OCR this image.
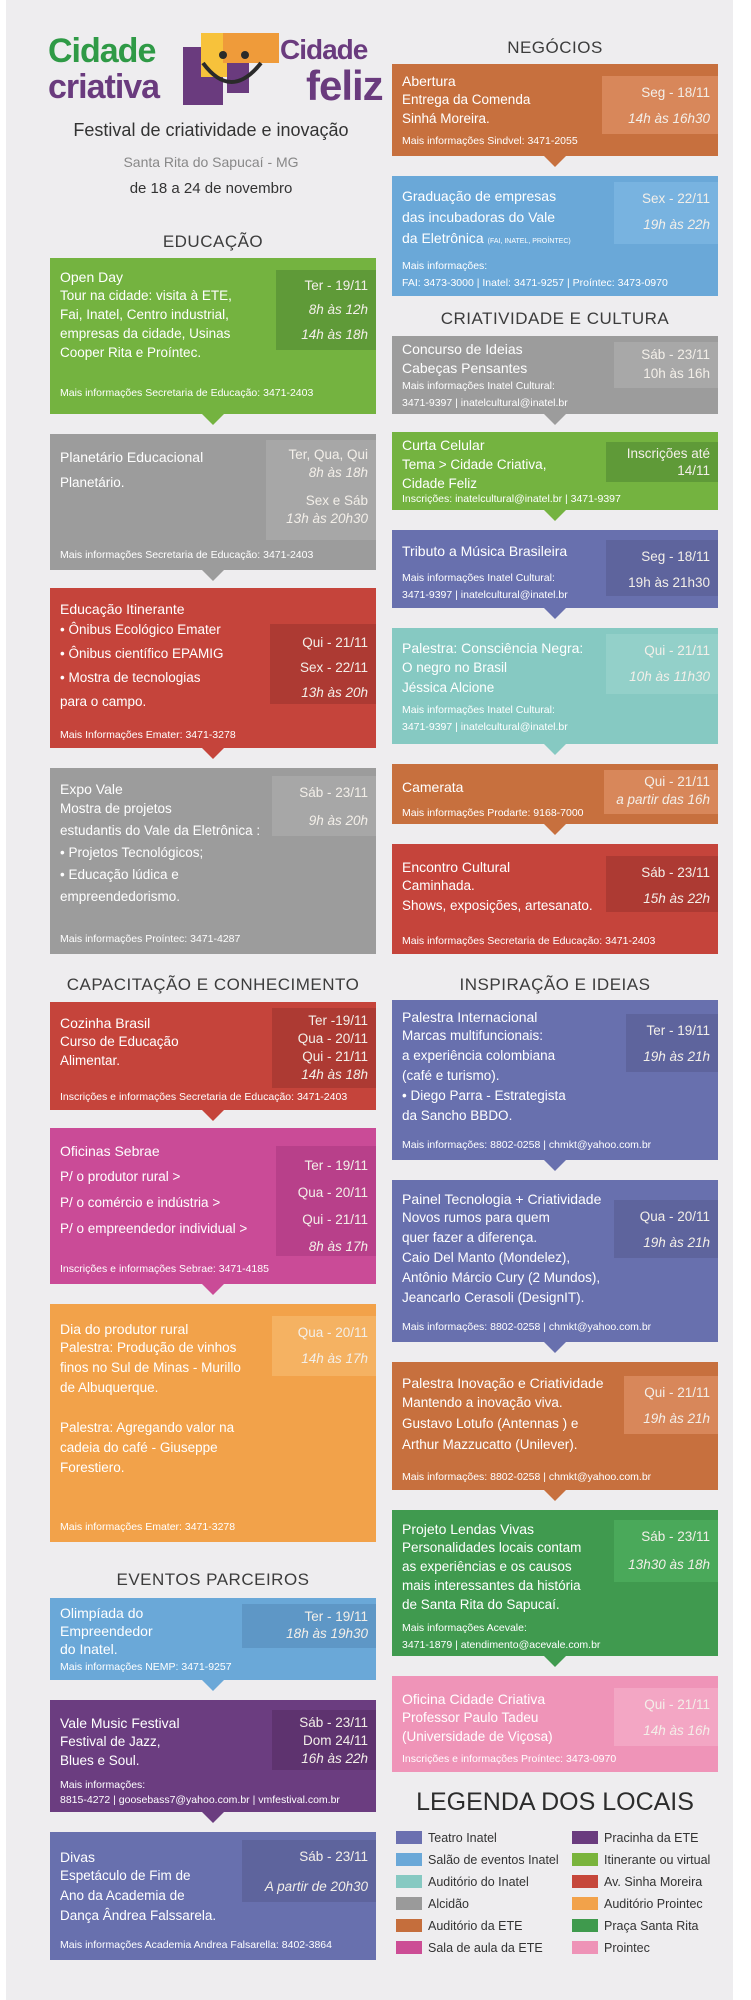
Cidade
criativa
Cidade
feliz
Festival de criatividade e inovação
Santa Rita do Sapucaí - MG
de 18 a 24 de novembro
EDUCAÇÃO
CAPACITAÇÃO E CONHECIMENTO
EVENTOS PARCEIROS
NEGÓCIOS
CRIATIVIDADE E CULTURA
INSPIRAÇÃO E IDEIAS
LEGENDA DOS LOCAIS
Open Day
Tour na cidade: visita à ETE,
Fai, Inatel, Centro industrial,
empresas da cidade, Usinas
Cooper Rita e Proíntec.
Ter - 19/11
8h às 12h
14h às 18h
Mais informações Secretaria de Educação: 3471-2403
Planetário Educacional
Planetário.
Ter, Qua, Qui
8h às 18h
Sex e Sáb
13h às 20h30
Mais informações Secretaria de Educação: 3471-2403
Educação Itinerante
• Ônibus Ecológico Emater
• Ônibus científico EPAMIG
• Mostra de tecnologias
para o campo.
Qui - 21/11
Sex - 22/11
13h às 20h
Mais Informações Emater: 3471-3278
Expo Vale
Mostra de projetos
estudantis do Vale da Eletrônica :
• Projetos Tecnológicos;
• Educação lúdica e
empreendedorismo.
Sáb - 23/11
9h às 20h
Mais informações Proíntec: 3471-4287
Cozinha Brasil
Curso de Educação
Alimentar.
Ter -19/11
Qua - 20/11
Qui - 21/11
14h às 18h
Inscrições e informações Secretaria de Educação: 3471-2403
Oficinas Sebrae
P/ o produtor rural >
P/ o comércio e indústria >
P/ o empreendedor individual >
Ter - 19/11
Qua - 20/11
Qui - 21/11
8h às 17h
Inscrições e informações Sebrae: 3471-4185
Dia do produtor rural
Palestra: Produção de vinhos
finos no Sul de Minas - Murillo
de Albuquerque.
Palestra: Agregando valor na
cadeia do café - Giuseppe
Forestiero.
Qua - 20/11
14h às 17h
Mais informações Emater: 3471-3278
Olimpíada do
Empreendedor
do Inatel.
Ter - 19/11
18h às 19h30
Mais informações NEMP: 3471-9257
Vale Music Festival
Festival de Jazz,
Blues e Soul.
Sáb - 23/11
Dom 24/11
16h às 22h
Mais informações:
8815-4272 | goosebass7@yahoo.com.br | vmfestival.com.br
Divas
Espetáculo de Fim de
Ano da Academia de
Dança Ândrea Falssarela.
Sáb - 23/11
A partir de 20h30
Mais informações Academia Andrea Falsarella: 8402-3864
Abertura
Entrega da Comenda
Sinhá Moreira.
Seg - 18/11
14h às 16h30
Mais informações Sindvel: 3471-2055
Graduação de empresas
das incubadoras do Vale
da Eletrônica (FAI, INATEL, PROÍNTEC)
Sex - 22/11
19h às 22h
Mais informações:
FAI: 3473-3000 | Inatel: 3471-9257 | Proíntec: 3473-0970
Concurso de Ideias
Cabeças Pensantes
Sáb - 23/11
10h às 16h
Mais informações Inatel Cultural:
3471-9397 | inatelcultural@inatel.br
Curta Celular
Tema > Cidade Criativa,
Cidade Feliz
Inscrições até
14/11
Inscrições: inatelcultural@inatel.br | 3471-9397
Tributo a Música Brasileira	Seg - 18/11
19h às 21h30
Mais informações Inatel Cultural:
3471-9397 | inatelcultural@inatel.br
Palestra: Consciência Negra:
O negro no Brasil
Jéssica Alcione
Qui - 21/11
10h às 11h30
Mais informações Inatel Cultural:
3471-9397 | inatelcultural@inatel.br
Camerata	Qui - 21/11
a partir das 16h
Mais informações Prodarte: 9168-7000
Encontro Cultural
Caminhada.
Shows, exposições, artesanato.
Sáb - 23/11
15h às 22h
Mais informações Secretaria de Educação: 3471-2403
Palestra Internacional
Marcas multifuncionais:
a experiência colombiana
(café e turismo).
• Diego Parra - Estrategista
da Sancho BBDO.
Ter - 19/11
19h às 21h
Mais informações: 8802-0258 | chmkt@yahoo.com.br
Painel Tecnologia + Criatividade
Novos rumos para quem
quer fazer a diferença.
Caio Del Manto (Mondelez),
Antônio Márcio Cury (2 Mundos),
Jeancarlo Cerasoli (DesignIT).
Qua - 20/11
19h às 21h
Mais informações: 8802-0258 | chmkt@yahoo.com.br
Palestra Inovação e Criatividade
Mantendo a inovação viva.
Gustavo Lotufo (Antennas ) e
Arthur Mazzucatto (Unilever).
Qui - 21/11
19h às 21h
Mais informações: 8802-0258 | chmkt@yahoo.com.br
Projeto Lendas Vivas
Personalidades locais contam
as experiências e os causos
mais interessantes da história
de Santa Rita do Sapucaí.
Sáb - 23/11
13h30 às 18h
Mais informações Acevale:
3471-1879 | atendimento@acevale.com.br
Oficina Cidade Criativa
Professor Paulo Tadeu
(Universidade de Viçosa)
Qui - 21/11
14h às 16h
Inscrições e informações Proíntec: 3473-0970
Teatro Inatel
Salão de eventos Inatel
Auditório do Inatel
Alcidão
Auditório da ETE
Sala de aula da ETE
Pracinha da ETE
Itinerante ou virtual
Av. Sinha Moreira
Auditório Prointec
Praça Santa Rita
Prointec
